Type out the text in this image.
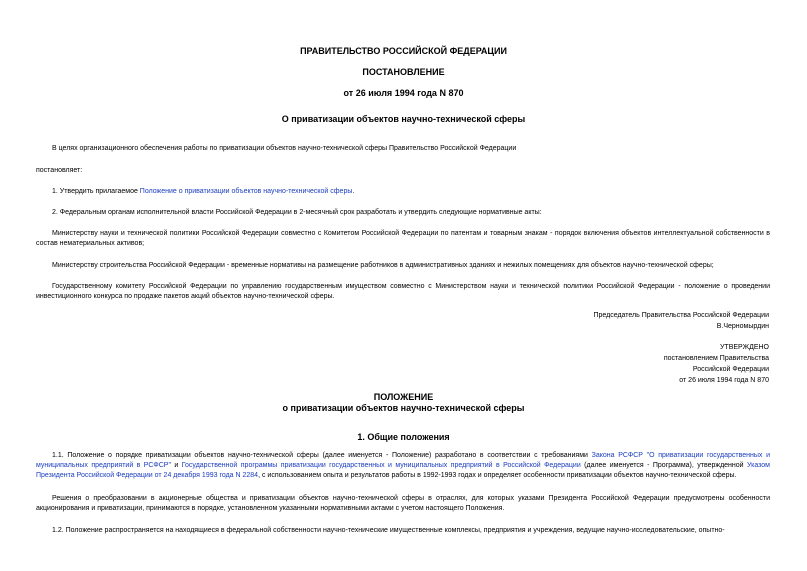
ПРАВИТЕЛЬСТВО РОССИЙСКОЙ ФЕДЕРАЦИИ
ПОСТАНОВЛЕНИЕ
от 26 июля 1994 года N 870
О приватизации объектов научно-технической сферы

В целях организационного обеспечения работы по приватизации объектов научно-технической сферы Правительство Российской Федерации

постановляет:

1. Утвердить прилагаемое Положение о приватизации объектов научно-технической сферы.

2. Федеральным органам исполнительной власти Российской Федерации в 2-месячный срок разработать и утвердить следующие нормативные акты:

Министерству науки и технической политики Российской Федерации совместно с Комитетом Российской Федерации по патентам и товарным знакам - порядок включения объектов интеллектуальной собственности в состав нематериальных активов;

Министерству строительства Российской Федерации - временные нормативы на размещение работников в административных зданиях и нежилых помещениях для объектов научно-технической сферы;

Государственному комитету Российской Федерации по управлению государственным имуществом совместно с Министерством науки и технической политики Российской Федерации - положение о проведении инвестиционного конкурса по продаже пакетов акций объектов научно-технической сферы.

Председатель Правительства Российской Федерации
В.Черномырдин
УТВЕРЖДЕНО
постановлением Правительства
Российской Федерации
от 26 июля 1994 года N 870
ПОЛОЖЕНИЕ
о приватизации объектов научно-технической сферы
1. Общие положения

1.1. Положение о порядке приватизации объектов научно-технической сферы (далее именуется - Положение) разработано в соответствии с требованиями Закона РСФСР "О приватизации государственных и муниципальных предприятий в РСФСР" и Государственной программы приватизации государственных и муниципальных предприятий в Российской Федерации (далее именуется - Программа), утвержденной Указом Президента Российской Федерации от 24 декабря 1993 года N 2284, с использованием опыта и результатов работы в 1992-1993 годах и определяет особенности приватизации объектов научно-технической сферы.

Решения о преобразовании в акционерные общества и приватизации объектов научно-технической сферы в отраслях, для которых указами Президента Российской Федерации предусмотрены особенности акционирования и приватизации, принимаются в порядке, установленном указанными нормативными актами с учетом настоящего Положения.

1.2. Положение распространяется на находящиеся в федеральной собственности научно-технические имущественные комплексы, предприятия и учреждения, ведущие научно-исследовательские, опытно-
